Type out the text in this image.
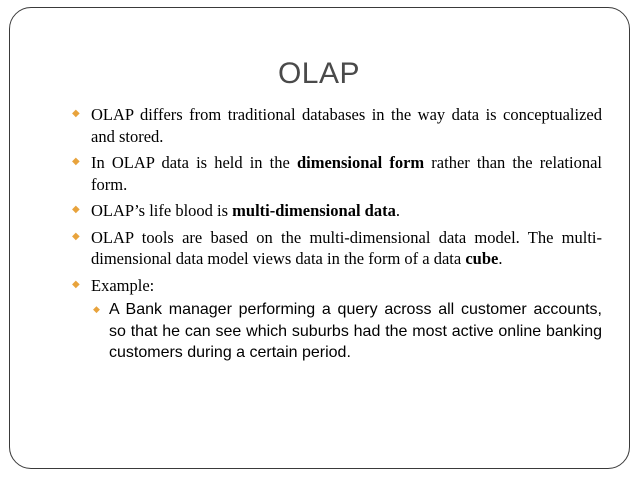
OLAP
◆ OLAP differs from traditional databases in the way data is conceptualized and stored.
◆ In OLAP data is held in the dimensional form rather than the relational form.
◆ OLAP’s life blood is multi-dimensional data.
◆ OLAP tools are based on the multi-dimensional data model. The multi-dimensional data model views data in the form of a data cube.
◆ Example:
◆ A Bank manager performing a query across all customer accounts, so that he can see which suburbs had the most active online banking customers during a certain period.
